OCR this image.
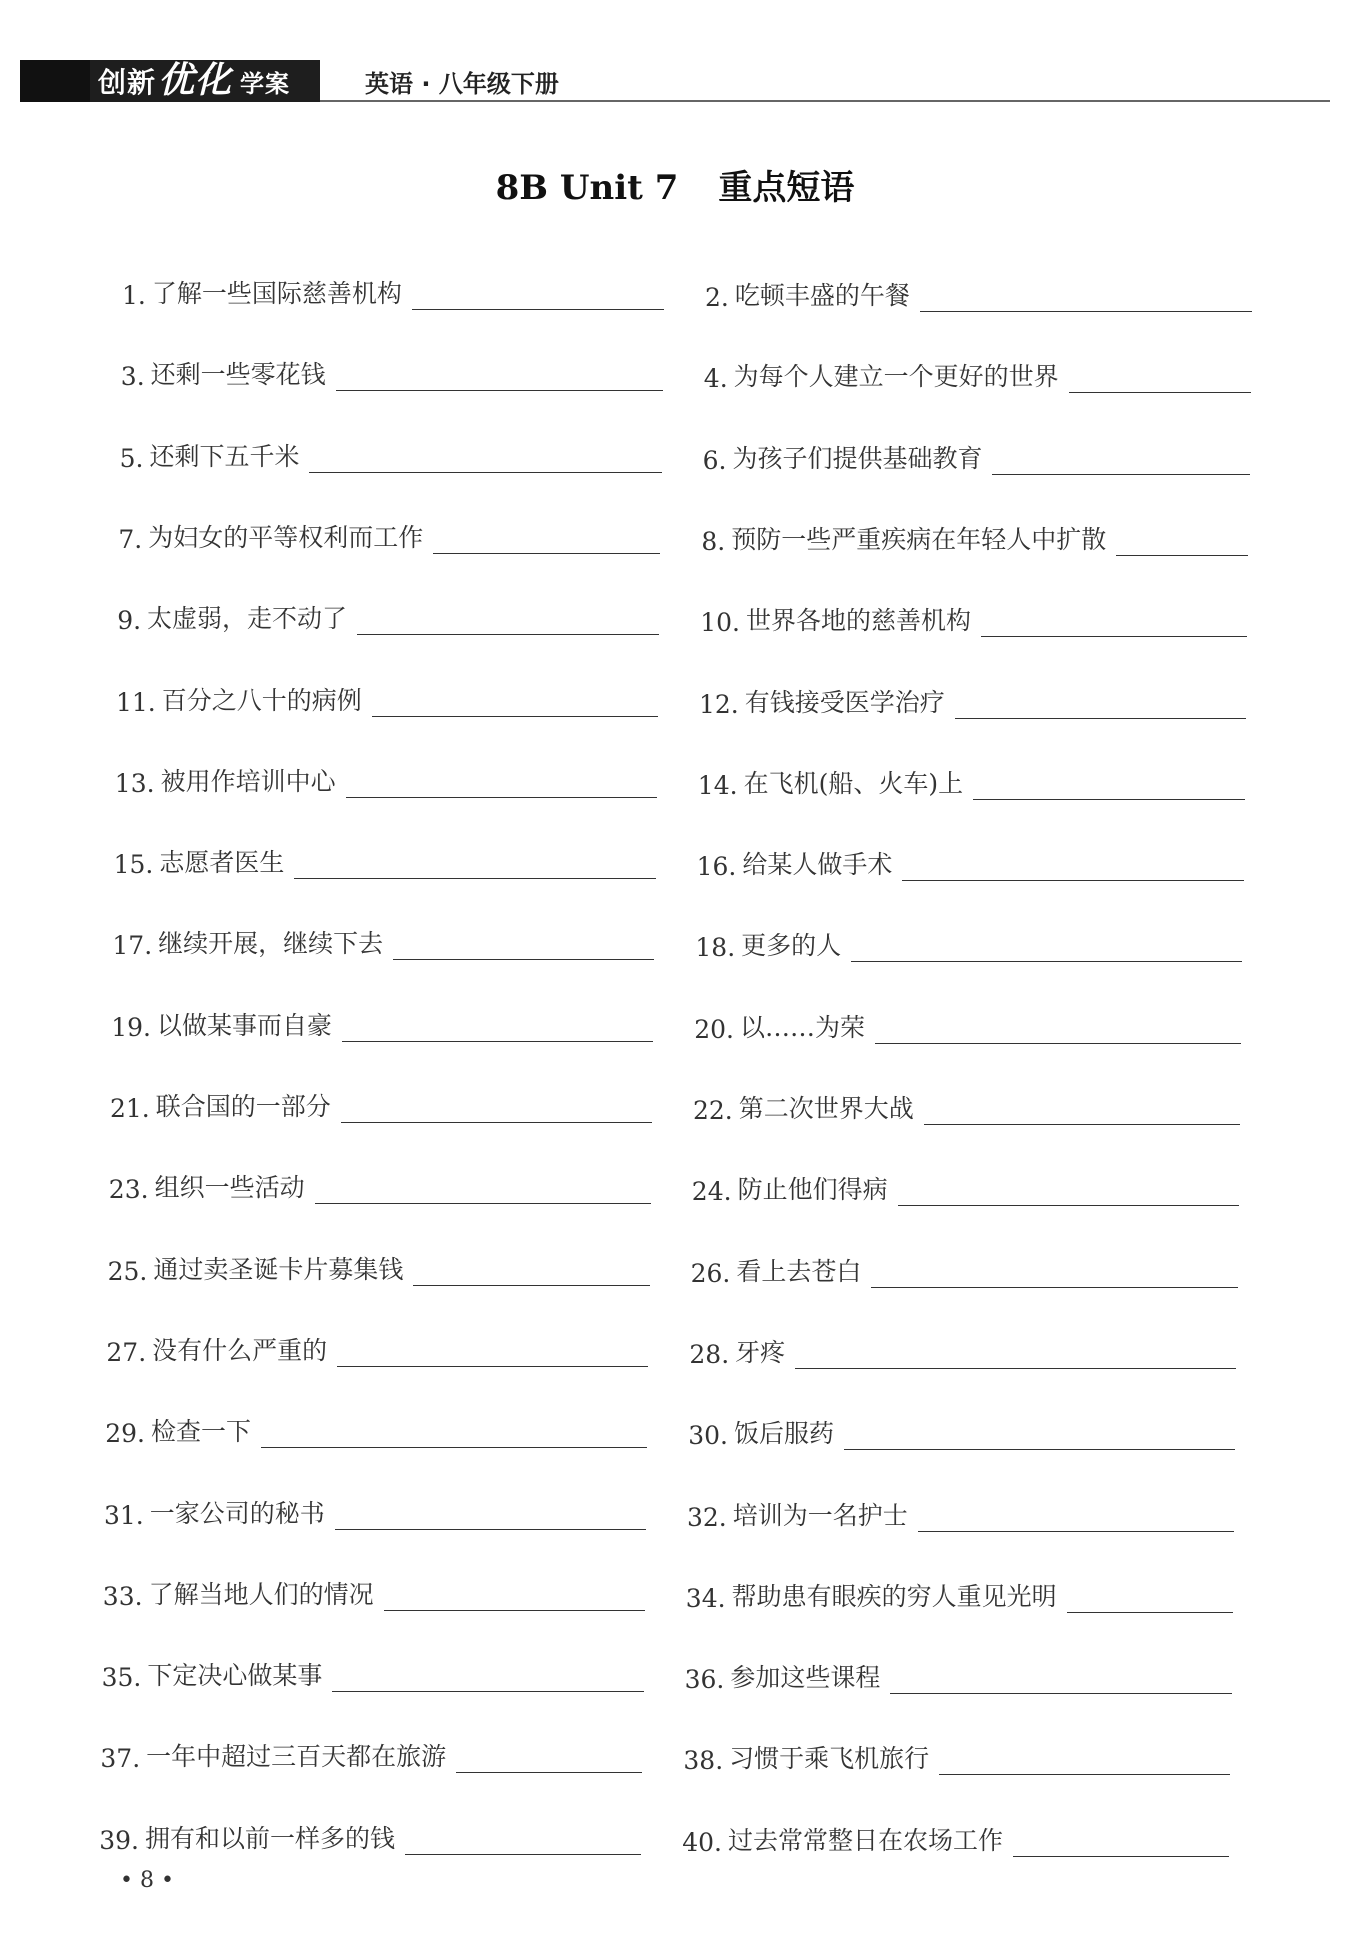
创新优化 学案	英语 · 八年级下册
8B Unit 7 重点短语
1. 了解一些国际慈善机构	2. 吃顿丰盛的午餐
3. 还剩一些零花钱	4. 为每个人建立一个更好的世界
5. 还剩下五千米	6. 为孩子们提供基础教育
7. 为妇女的平等权利而工作	8. 预防一些严重疾病在年轻人中扩散
9. 太虚弱，走不动了	10. 世界各地的慈善机构
11. 百分之八十的病例	12. 有钱接受医学治疗
13. 被用作培训中心	14. 在飞机(船、火车)上
15. 志愿者医生	16. 给某人做手术
17. 继续开展，继续下去	18. 更多的人
19. 以做某事而自豪	20. 以……为荣
21. 联合国的一部分	22. 第二次世界大战
23. 组织一些活动	24. 防止他们得病
25. 通过卖圣诞卡片募集钱	26. 看上去苍白
27. 没有什么严重的	28. 牙疼
29. 检查一下	30. 饭后服药
31. 一家公司的秘书	32. 培训为一名护士
33. 了解当地人们的情况	34. 帮助患有眼疾的穷人重见光明
35. 下定决心做某事	36. 参加这些课程
37. 一年中超过三百天都在旅游	38. 习惯于乘飞机旅行
39. 拥有和以前一样多的钱	40. 过去常常整日在农场工作
• 8 •
